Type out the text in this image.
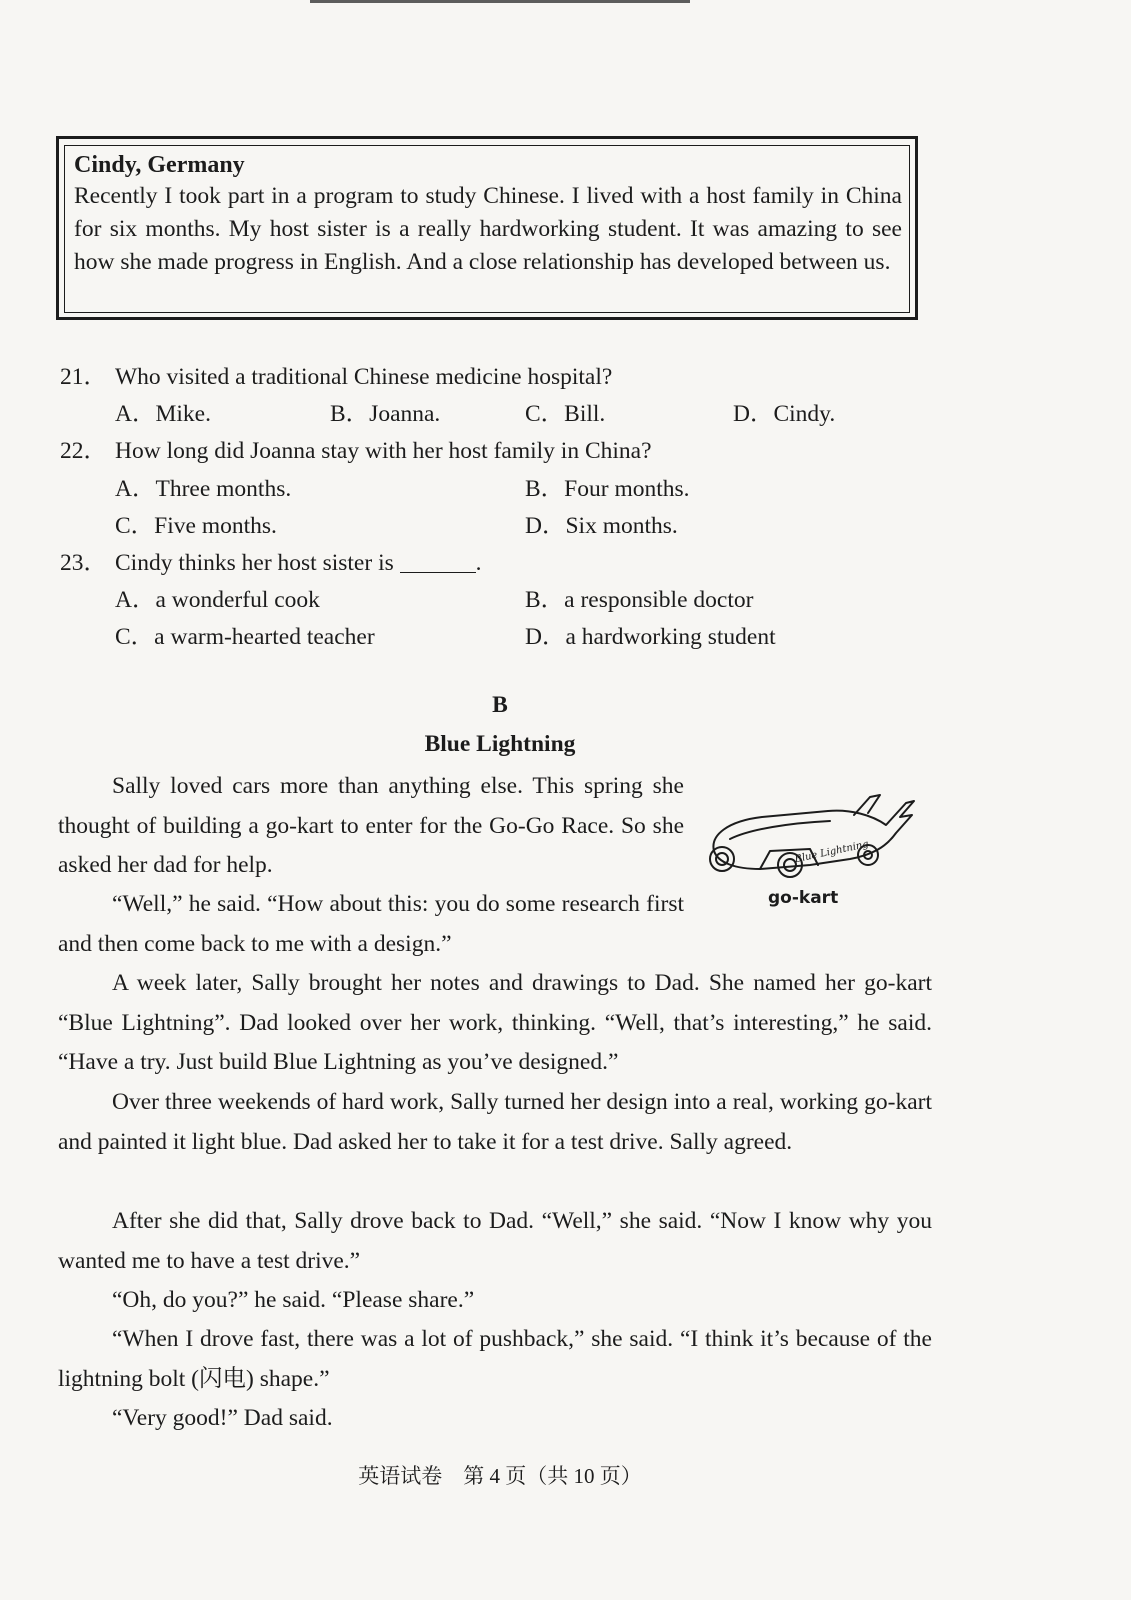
Cindy, Germany
Recently I took part in a program to study Chinese. I lived with a host family in China for six months. My host sister is a really hardworking student. It was amazing to see how she made progress in English. And a close relationship has developed between us.
21． Who visited a traditional Chinese medicine hospital?
A．Mike.	B．Joanna.	C．Bill.	D．Cindy.
22． How long did Joanna stay with her host family in China?
A．Three months.	B．Four months.
C．Five months.	D．Six months.
23． Cindy thinks her host sister is	.
A．a wonderful cook	B．a responsible doctor
C．a warm-hearted teacher	D．a hardworking student
B
Blue Lightning
Blue Lightning
go-kart

Sally loved cars more than anything else. This spring she thought of building a go-kart to enter for the Go-Go Race. So she asked her dad for help.

“Well,” he said. “How about this: you do some research first and then come back to me with a design.”

A week later, Sally brought her notes and drawings to Dad. She named her go-kart “Blue Lightning”. Dad looked over her work, thinking. “Well, that’s interesting,” he said. “Have a try. Just build Blue Lightning as you’ve designed.”

Over three weekends of hard work, Sally turned her design into a real, working go-kart and painted it light blue. Dad asked her to take it for a test drive. Sally agreed.

After she did that, Sally drove back to Dad. “Well,” she said. “Now I know why you wanted me to have a test drive.”

“Oh, do you?” he said. “Please share.”

“When I drove fast, there was a lot of pushback,” she said. “I think it’s because of the lightning bolt (闪电) shape.”

“Very good!” Dad said.

英语试卷　第 4 页（共 10 页）
